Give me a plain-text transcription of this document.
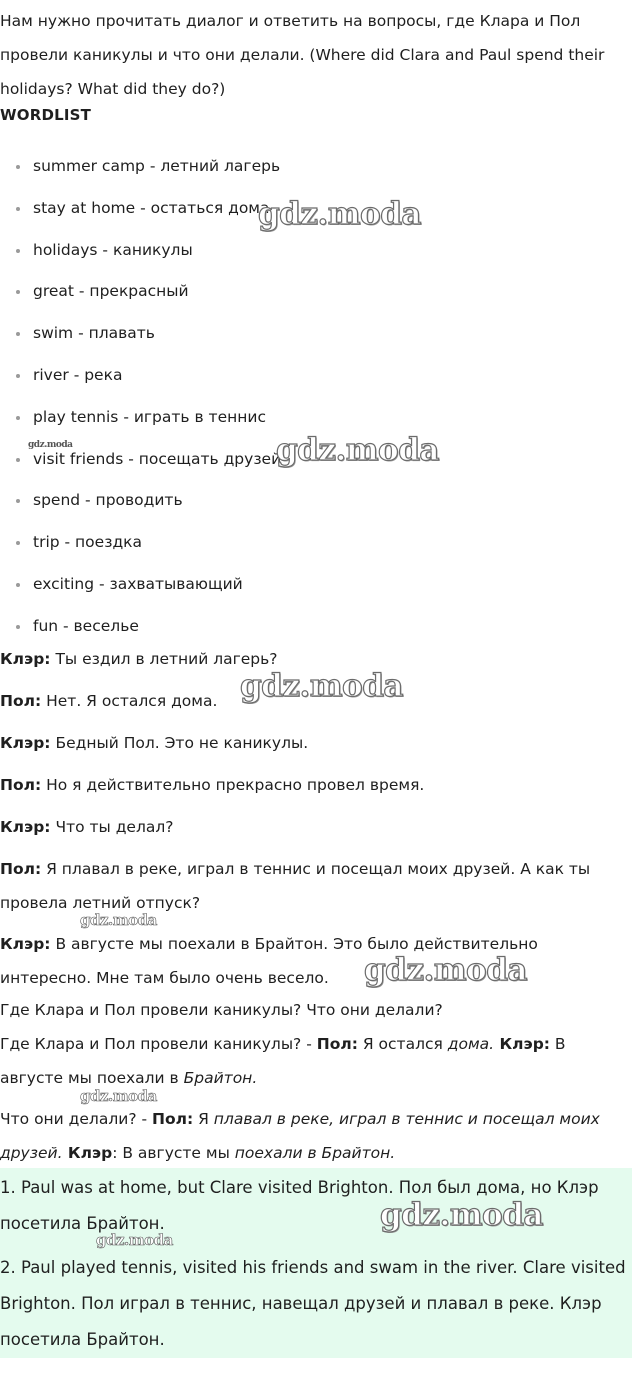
Нам нужно прочитать диалог и ответить на вопросы, где Клара и Пол провели каникулы и что они делали. (Where did Clara and Paul spend their holidays? What did they do?)

WORDLIST

summer camp - летний лагерь
stay at home - остаться дома
holidays - каникулы
great - прекрасный
swim - плавать
river - река
play tennis - играть в теннис
visit friends - посещать друзей
spend - проводить
trip - поездка
exciting - захватывающий
fun - веселье

Клэр: Ты ездил в летний лагерь?

Пол: Нет. Я остался дома.

Клэр: Бедный Пол. Это не каникулы.

Пол: Но я действительно прекрасно провел время.

Клэр: Что ты делал?

Пол: Я плавал в реке, играл в теннис и посещал моих друзей. А как ты провела летний отпуск?

Клэр: В августе мы поехали в Брайтон. Это было действительно интересно. Мне там было очень весело.

Где Клара и Пол провели каникулы? Что они делали?

Где Клара и Пол провели каникулы? - Пол: Я остался дома. Клэр: В августе мы поехали в Брайтон.

Что они делали? - Пол: Я плавал в реке, играл в теннис и посещал моих друзей. Клэр: В августе мы поехали в Брайтон.

1. Paul was at home, but Clare visited Brighton. Пол был дома, но Клэр посетила Брайтон.

2. Paul played tennis, visited his friends and swam in the river. Clare visited Brighton. Пол играл в теннис, навещал друзей и плавал в реке. Клэр посетила Брайтон.

gdz.moda
gdz.moda	gdz.moda
gdz.moda
gdz.moda
gdz.moda
gdz.moda
gdz.moda
gdz.moda
